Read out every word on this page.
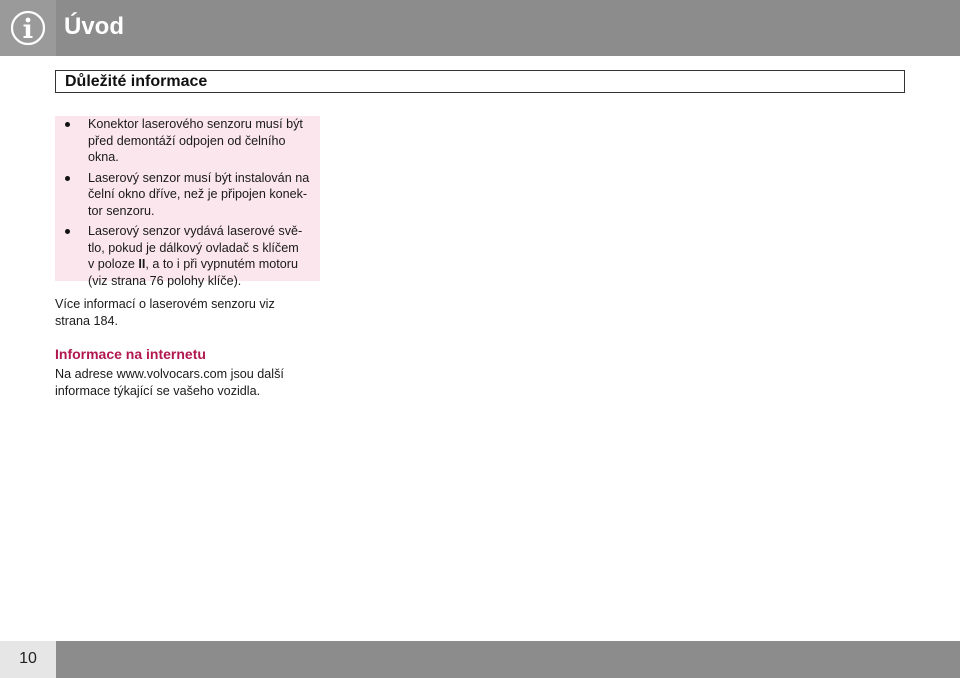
Úvod
Důležité informace
Konektor laserového senzoru musí být
před demontáží odpojen od čelního
okna.
Laserový senzor musí být instalován na
čelní okno dříve, než je připojen konek-
tor senzoru.
Laserový senzor vydává laserové svě-
tlo, pokud je dálkový ovladač s klíčem
v poloze II, a to i při vypnutém motoru
(viz strana 76 polohy klíče).
Více informací o laserovém senzoru viz
strana 184.
Informace na internetu
Na adrese www.volvocars.com jsou další
informace týkající se vašeho vozidla.
10
